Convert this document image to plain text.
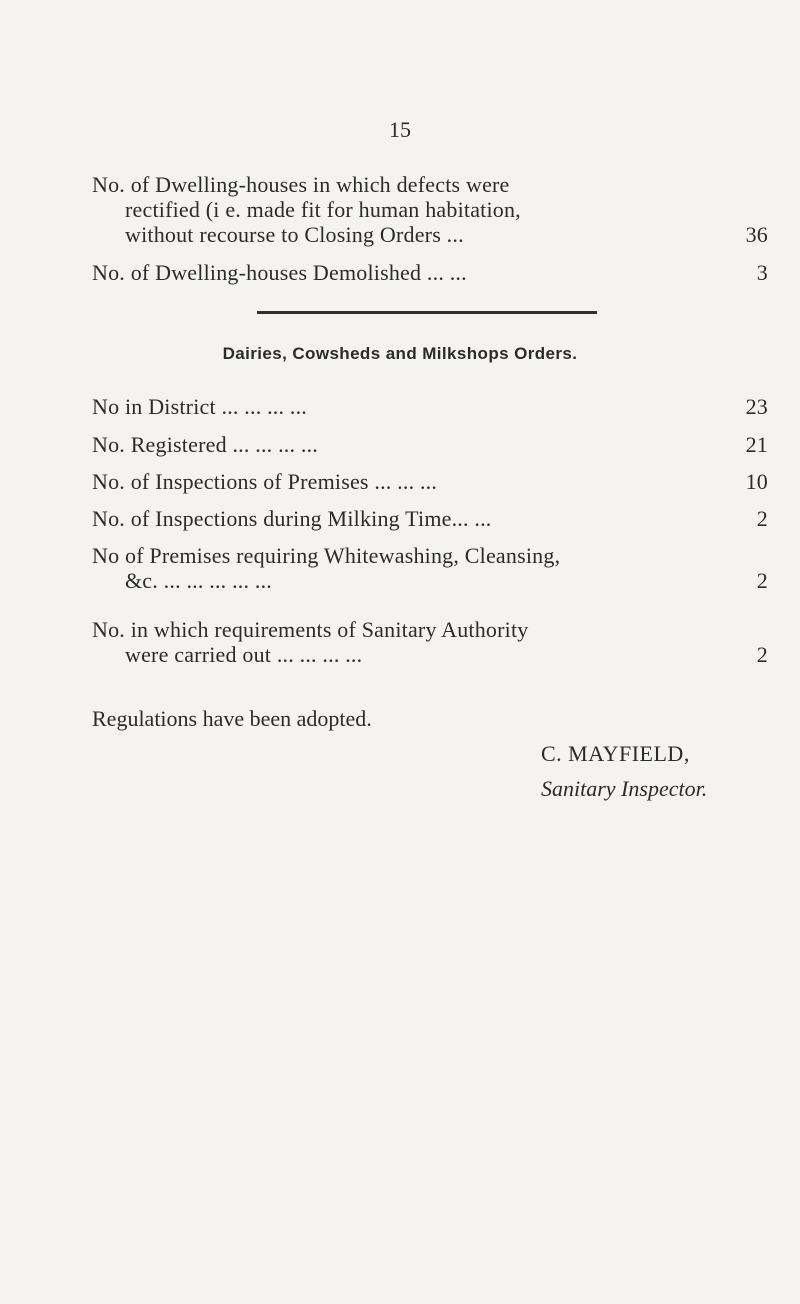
15
No. of Dwelling-houses in which defects were
rectified (i e. made fit for human habitation,
without recourse to Closing Orders ...	36
No. of Dwelling-houses Demolished ... ...	3
Dairies, Cowsheds and Milkshops Orders.
No in District ... ... ... ...	23
No. Registered ... ... ... ...	21
No. of Inspections of Premises ... ... ...	10
No. of Inspections during Milking Time... ...	2
No of Premises requiring Whitewashing, Cleansing,
&c. ... ... ... ... ...	2
No. in which requirements of Sanitary Authority
were carried out ... ... ... ...	2
Regulations have been adopted.
C. MAYFIELD,
Sanitary Inspector.
